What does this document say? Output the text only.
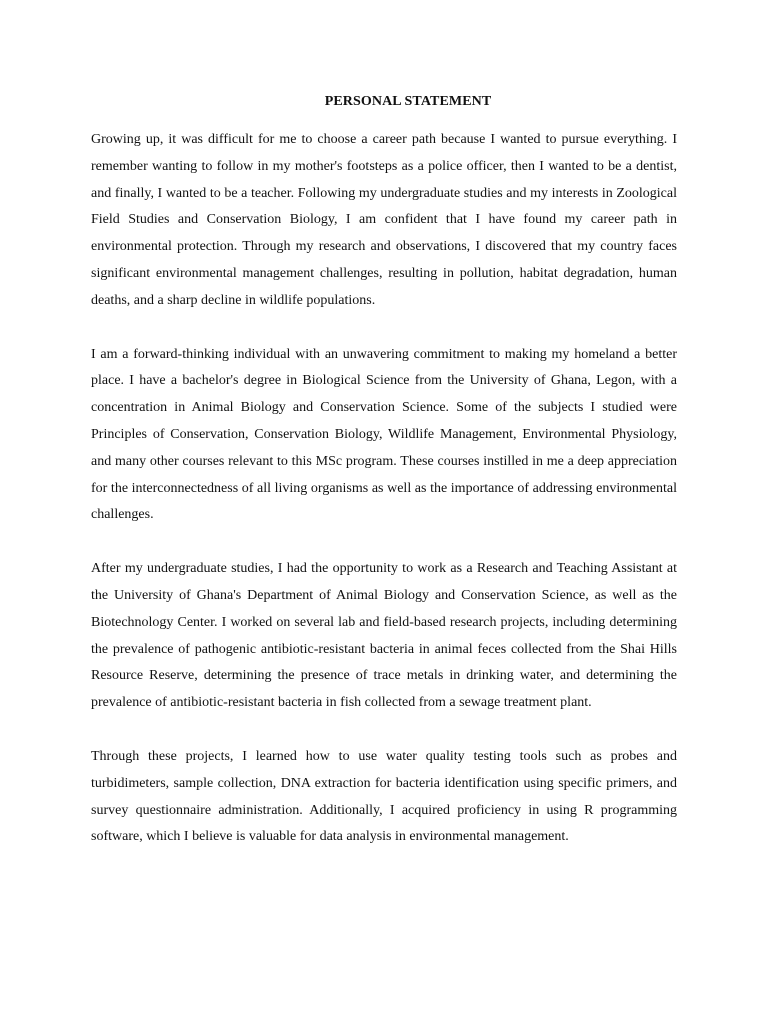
PERSONAL STATEMENT

Growing up, it was difficult for me to choose a career path because I wanted to pursue everything. I remember wanting to follow in my mother's footsteps as a police officer, then I wanted to be a dentist, and finally, I wanted to be a teacher. Following my undergraduate studies and my interests in Zoological Field Studies and Conservation Biology, I am confident that I have found my career path in environmental protection. Through my research and observations, I discovered that my country faces significant environmental management challenges, resulting in pollution, habitat degradation, human deaths, and a sharp decline in wildlife populations.

I am a forward-thinking individual with an unwavering commitment to making my homeland a better place. I have a bachelor's degree in Biological Science from the University of Ghana, Legon, with a concentration in Animal Biology and Conservation Science. Some of the subjects I studied were Principles of Conservation, Conservation Biology, Wildlife Management, Environmental Physiology, and many other courses relevant to this MSc program. These courses instilled in me a deep appreciation for the interconnectedness of all living organisms as well as the importance of addressing environmental challenges.

After my undergraduate studies, I had the opportunity to work as a Research and Teaching Assistant at the University of Ghana's Department of Animal Biology and Conservation Science, as well as the Biotechnology Center. I worked on several lab and field-based research projects, including determining the prevalence of pathogenic antibiotic-resistant bacteria in animal feces collected from the Shai Hills Resource Reserve, determining the presence of trace metals in drinking water, and determining the prevalence of antibiotic-resistant bacteria in fish collected from a sewage treatment plant.

Through these projects, I learned how to use water quality testing tools such as probes and turbidimeters, sample collection, DNA extraction for bacteria identification using specific primers, and survey questionnaire administration. Additionally, I acquired proficiency in using R programming software, which I believe is valuable for data analysis in environmental management.
